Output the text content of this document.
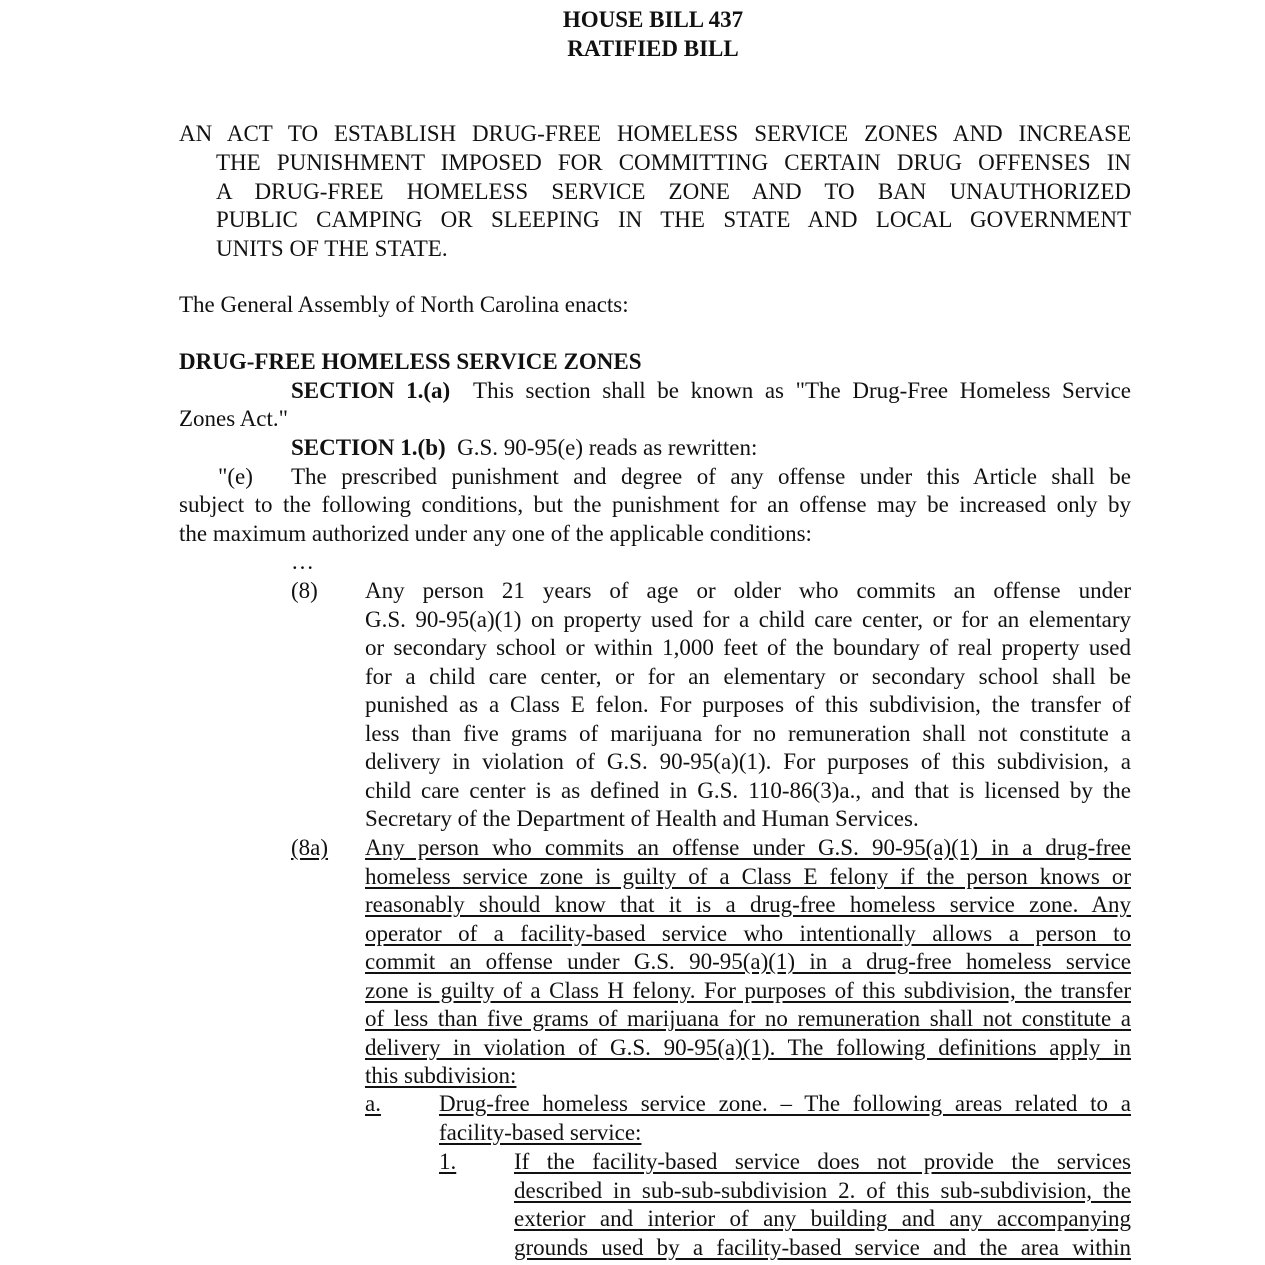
HOUSE BILL 437
RATIFIED BILL
AN ACT TO ESTABLISH DRUG-FREE HOMELESS SERVICE ZONES AND INCREASE
THE PUNISHMENT IMPOSED FOR COMMITTING CERTAIN DRUG OFFENSES IN
A DRUG-FREE HOMELESS SERVICE ZONE AND TO BAN UNAUTHORIZED
PUBLIC CAMPING OR SLEEPING IN THE STATE AND LOCAL GOVERNMENT
UNITS OF THE STATE.
The General Assembly of North Carolina enacts:
DRUG-FREE HOMELESS SERVICE ZONES
SECTION 1.(a) This section shall be known as "The Drug-Free Homeless Service
Zones Act."
SECTION 1.(b) G.S. 90-95(e) reads as rewritten:
"(e) The prescribed punishment and degree of any offense under this Article shall be
subject to the following conditions, but the punishment for an offense may be increased only by
the maximum authorized under any one of the applicable conditions:
…
(8) Any person 21 years of age or older who commits an offense under
G.S. 90-95(a)(1) on property used for a child care center, or for an elementary
or secondary school or within 1,000 feet of the boundary of real property used
for a child care center, or for an elementary or secondary school shall be
punished as a Class E felon. For purposes of this subdivision, the transfer of
less than five grams of marijuana for no remuneration shall not constitute a
delivery in violation of G.S. 90-95(a)(1). For purposes of this subdivision, a
child care center is as defined in G.S. 110-86(3)a., and that is licensed by the
Secretary of the Department of Health and Human Services.
(8a) Any person who commits an offense under G.S. 90-95(a)(1) in a drug-free
homeless service zone is guilty of a Class E felony if the person knows or
reasonably should know that it is a drug-free homeless service zone. Any
operator of a facility-based service who intentionally allows a person to
commit an offense under G.S. 90-95(a)(1) in a drug-free homeless service
zone is guilty of a Class H felony. For purposes of this subdivision, the transfer
of less than five grams of marijuana for no remuneration shall not constitute a
delivery in violation of G.S. 90-95(a)(1). The following definitions apply in
this subdivision:
a.	Drug-free homeless service zone. – The following areas related to a
facility-based service:
1.	If the facility-based service does not provide the services
described in sub-sub-subdivision 2. of this sub-subdivision, the
exterior and interior of any building and any accompanying
grounds used by a facility-based service and the area within
